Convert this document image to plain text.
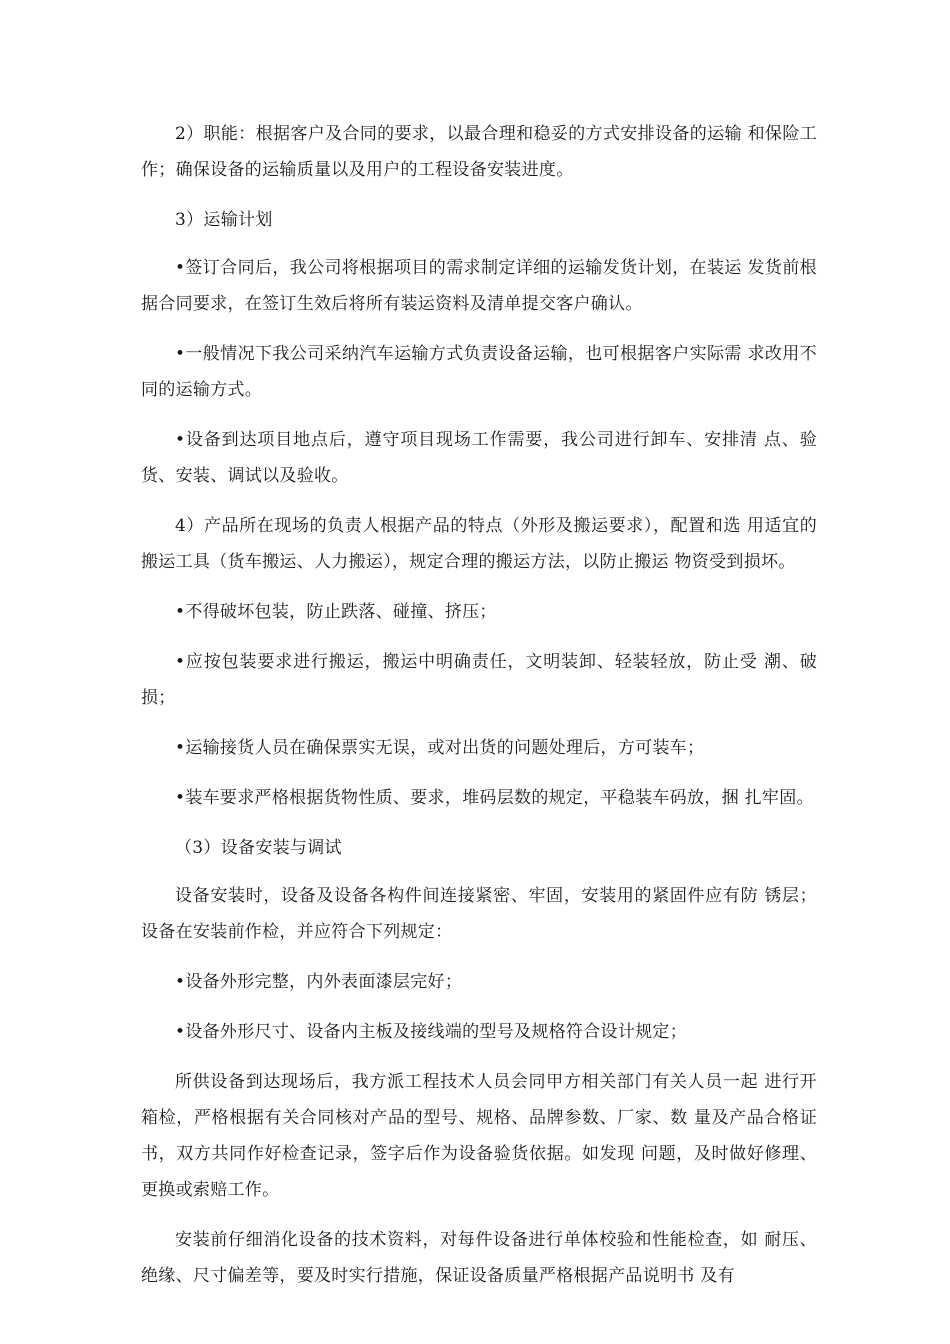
2）职能：根据客户及合同的要求，以最合理和稳妥的方式安排设备的运输 和保险工作；确保设备的运输质量以及用户的工程设备安装进度。

3）运输计划

•签订合同后，我公司将根据项目的需求制定详细的运输发货计划，在装运 发货前根据合同要求，在签订生效后将所有装运资料及清单提交客户确认。

•一般情况下我公司采纳汽车运输方式负责设备运输，也可根据客户实际需 求改用不同的运输方式。

•设备到达项目地点后，遵守项目现场工作需要，我公司进行卸车、安排清 点、验货、安装、调试以及验收。

4）产品所在现场的负责人根据产品的特点（外形及搬运要求），配置和选 用适宜的搬运工具（货车搬运、人力搬运），规定合理的搬运方法，以防止搬运 物资受到损坏。

•不得破坏包装，防止跌落、碰撞、挤压；

•应按包装要求进行搬运，搬运中明确责任，文明装卸、轻装轻放，防止受 潮、破损；

•运输接货人员在确保票实无误，或对出货的问题处理后，方可装车；

•装车要求严格根据货物性质、要求，堆码层数的规定，平稳装车码放，捆 扎牢固。

（3）设备安装与调试

设备安装时，设备及设备各构件间连接紧密、牢固，安装用的紧固件应有防 锈层；设备在安装前作检，并应符合下列规定：

•设备外形完整，内外表面漆层完好；

•设备外形尺寸、设备内主板及接线端的型号及规格符合设计规定；

所供设备到达现场后，我方派工程技术人员会同甲方相关部门有关人员一起 进行开箱检，严格根据有关合同核对产品的型号、规格、品牌参数、厂家、数 量及产品合格证书，双方共同作好检查记录，签字后作为设备验货依据。如发现 问题，及时做好修理、更换或索赔工作。

安装前仔细消化设备的技术资料，对每件设备进行单体校验和性能检查，如 耐压、绝缘、尺寸偏差等，要及时实行措施，保证设备质量严格根据产品说明书 及有
